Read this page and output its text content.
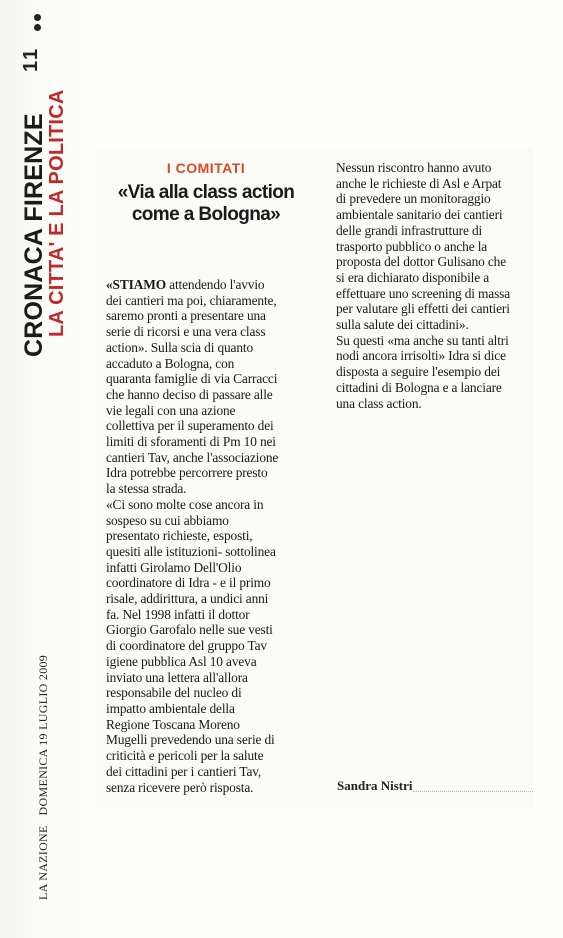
11
CRONACA FIRENZE
LA CITTA' E LA POLITICA
LA NAZIONE   DOMENICA 19 LUGLIO 2009
I COMITATI
«Via alla class action
come a Bologna»
«STIAMO attendendo l'avvio
dei cantieri ma poi, chiaramente,
saremo pronti a presentare una
serie di ricorsi e una vera class
action». Sulla scia di quanto
accaduto a Bologna, con
quaranta famiglie di via Carracci
che hanno deciso di passare alle
vie legali con una azione
collettiva per il superamento dei
limiti di sforamenti di Pm 10 nei
cantieri Tav, anche l'associazione
Idra potrebbe percorrere presto
la stessa strada.
«Ci sono molte cose ancora in
sospeso su cui abbiamo
presentato richieste, esposti,
quesiti alle istituzioni- sottolinea
infatti Girolamo Dell'Olio
coordinatore di Idra - e il primo
risale, addirittura, a undici anni
fa. Nel 1998 infatti il dottor
Giorgio Garofalo nelle sue vesti
di coordinatore del gruppo Tav
igiene pubblica Asl 10 aveva
inviato una lettera all'allora
responsabile del nucleo di
impatto ambientale della
Regione Toscana Moreno
Mugelli prevedendo una serie di
criticità e pericoli per la salute
dei cittadini per i cantieri Tav,
senza ricevere però risposta.
Nessun riscontro hanno avuto
anche le richieste di Asl e Arpat
di prevedere un monitoraggio
ambientale sanitario dei cantieri
delle grandi infrastrutture di
trasporto pubblico o anche la
proposta del dottor Gulisano che
si era dichiarato disponibile a
effettuare uno screening di massa
per valutare gli effetti dei cantieri
sulla salute dei cittadini».
Su questi «ma anche su tanti altri
nodi ancora irrisolti» Idra si dice
disposta a seguire l'esempio dei
cittadini di Bologna e a lanciare
una class action.
Sandra Nistri
